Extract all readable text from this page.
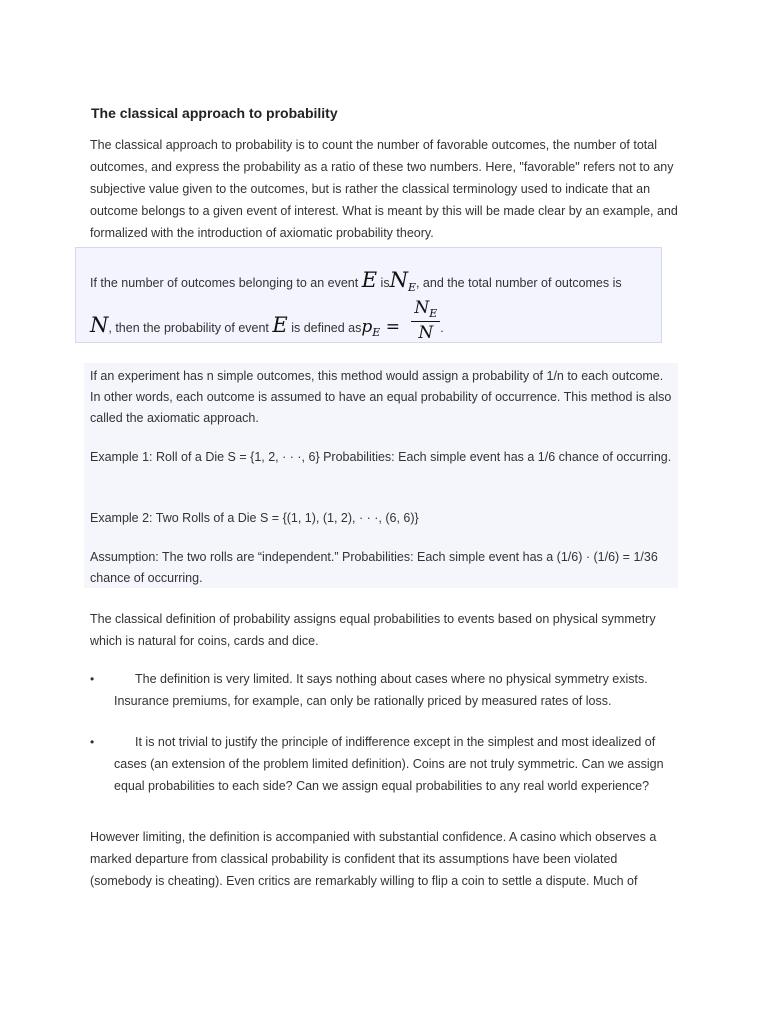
The classical approach to probability

The classical approach to probability is to count the number of favorable outcomes, the number of total outcomes, and express the probability as a ratio of these two numbers. Here, "favorable" refers not to any subjective value given to the outcomes, but is rather the classical terminology used to indicate that an outcome belongs to a given event of interest. What is meant by this will be made clear by an example, and formalized with the introduction of axiomatic probability theory.

If the number of outcomes belonging to an event E isN$_E$, and the total number of outcomes is
N, then the probability of event E is defined $asp_E = \frac{N_E}{N}$ .

If an experiment has n simple outcomes, this method would assign a probability of 1/n to each outcome. In other words, each outcome is assumed to have an equal probability of occurrence. This method is also called the axiomatic approach.

Example 1: Roll of a Die S = {1, 2, · · ·, 6} Probabilities: Each simple event has a 1/6 chance of occurring.

Example 2: Two Rolls of a Die S = {(1, 1), (1, 2), · · ·, (6, 6)}

Assumption: The two rolls are “independent.” Probabilities: Each simple event has a (1/6) · (1/6) = 1/36 chance of occurring.

The classical definition of probability assigns equal probabilities to events based on physical symmetry which is natural for coins, cards and dice.

•	The definition is very limited. It says nothing about cases where no physical symmetry exists. Insurance premiums, for example, can only be rationally priced by measured rates of loss.

•	It is not trivial to justify the principle of indifference except in the simplest and most idealized of cases (an extension of the problem limited definition). Coins are not truly symmetric. Can we assign equal probabilities to each side? Can we assign equal probabilities to any real world experience?

However limiting, the definition is accompanied with substantial confidence. A casino which observes a marked departure from classical probability is confident that its assumptions have been violated (somebody is cheating). Even critics are remarkably willing to flip a coin to settle a dispute. Much of
